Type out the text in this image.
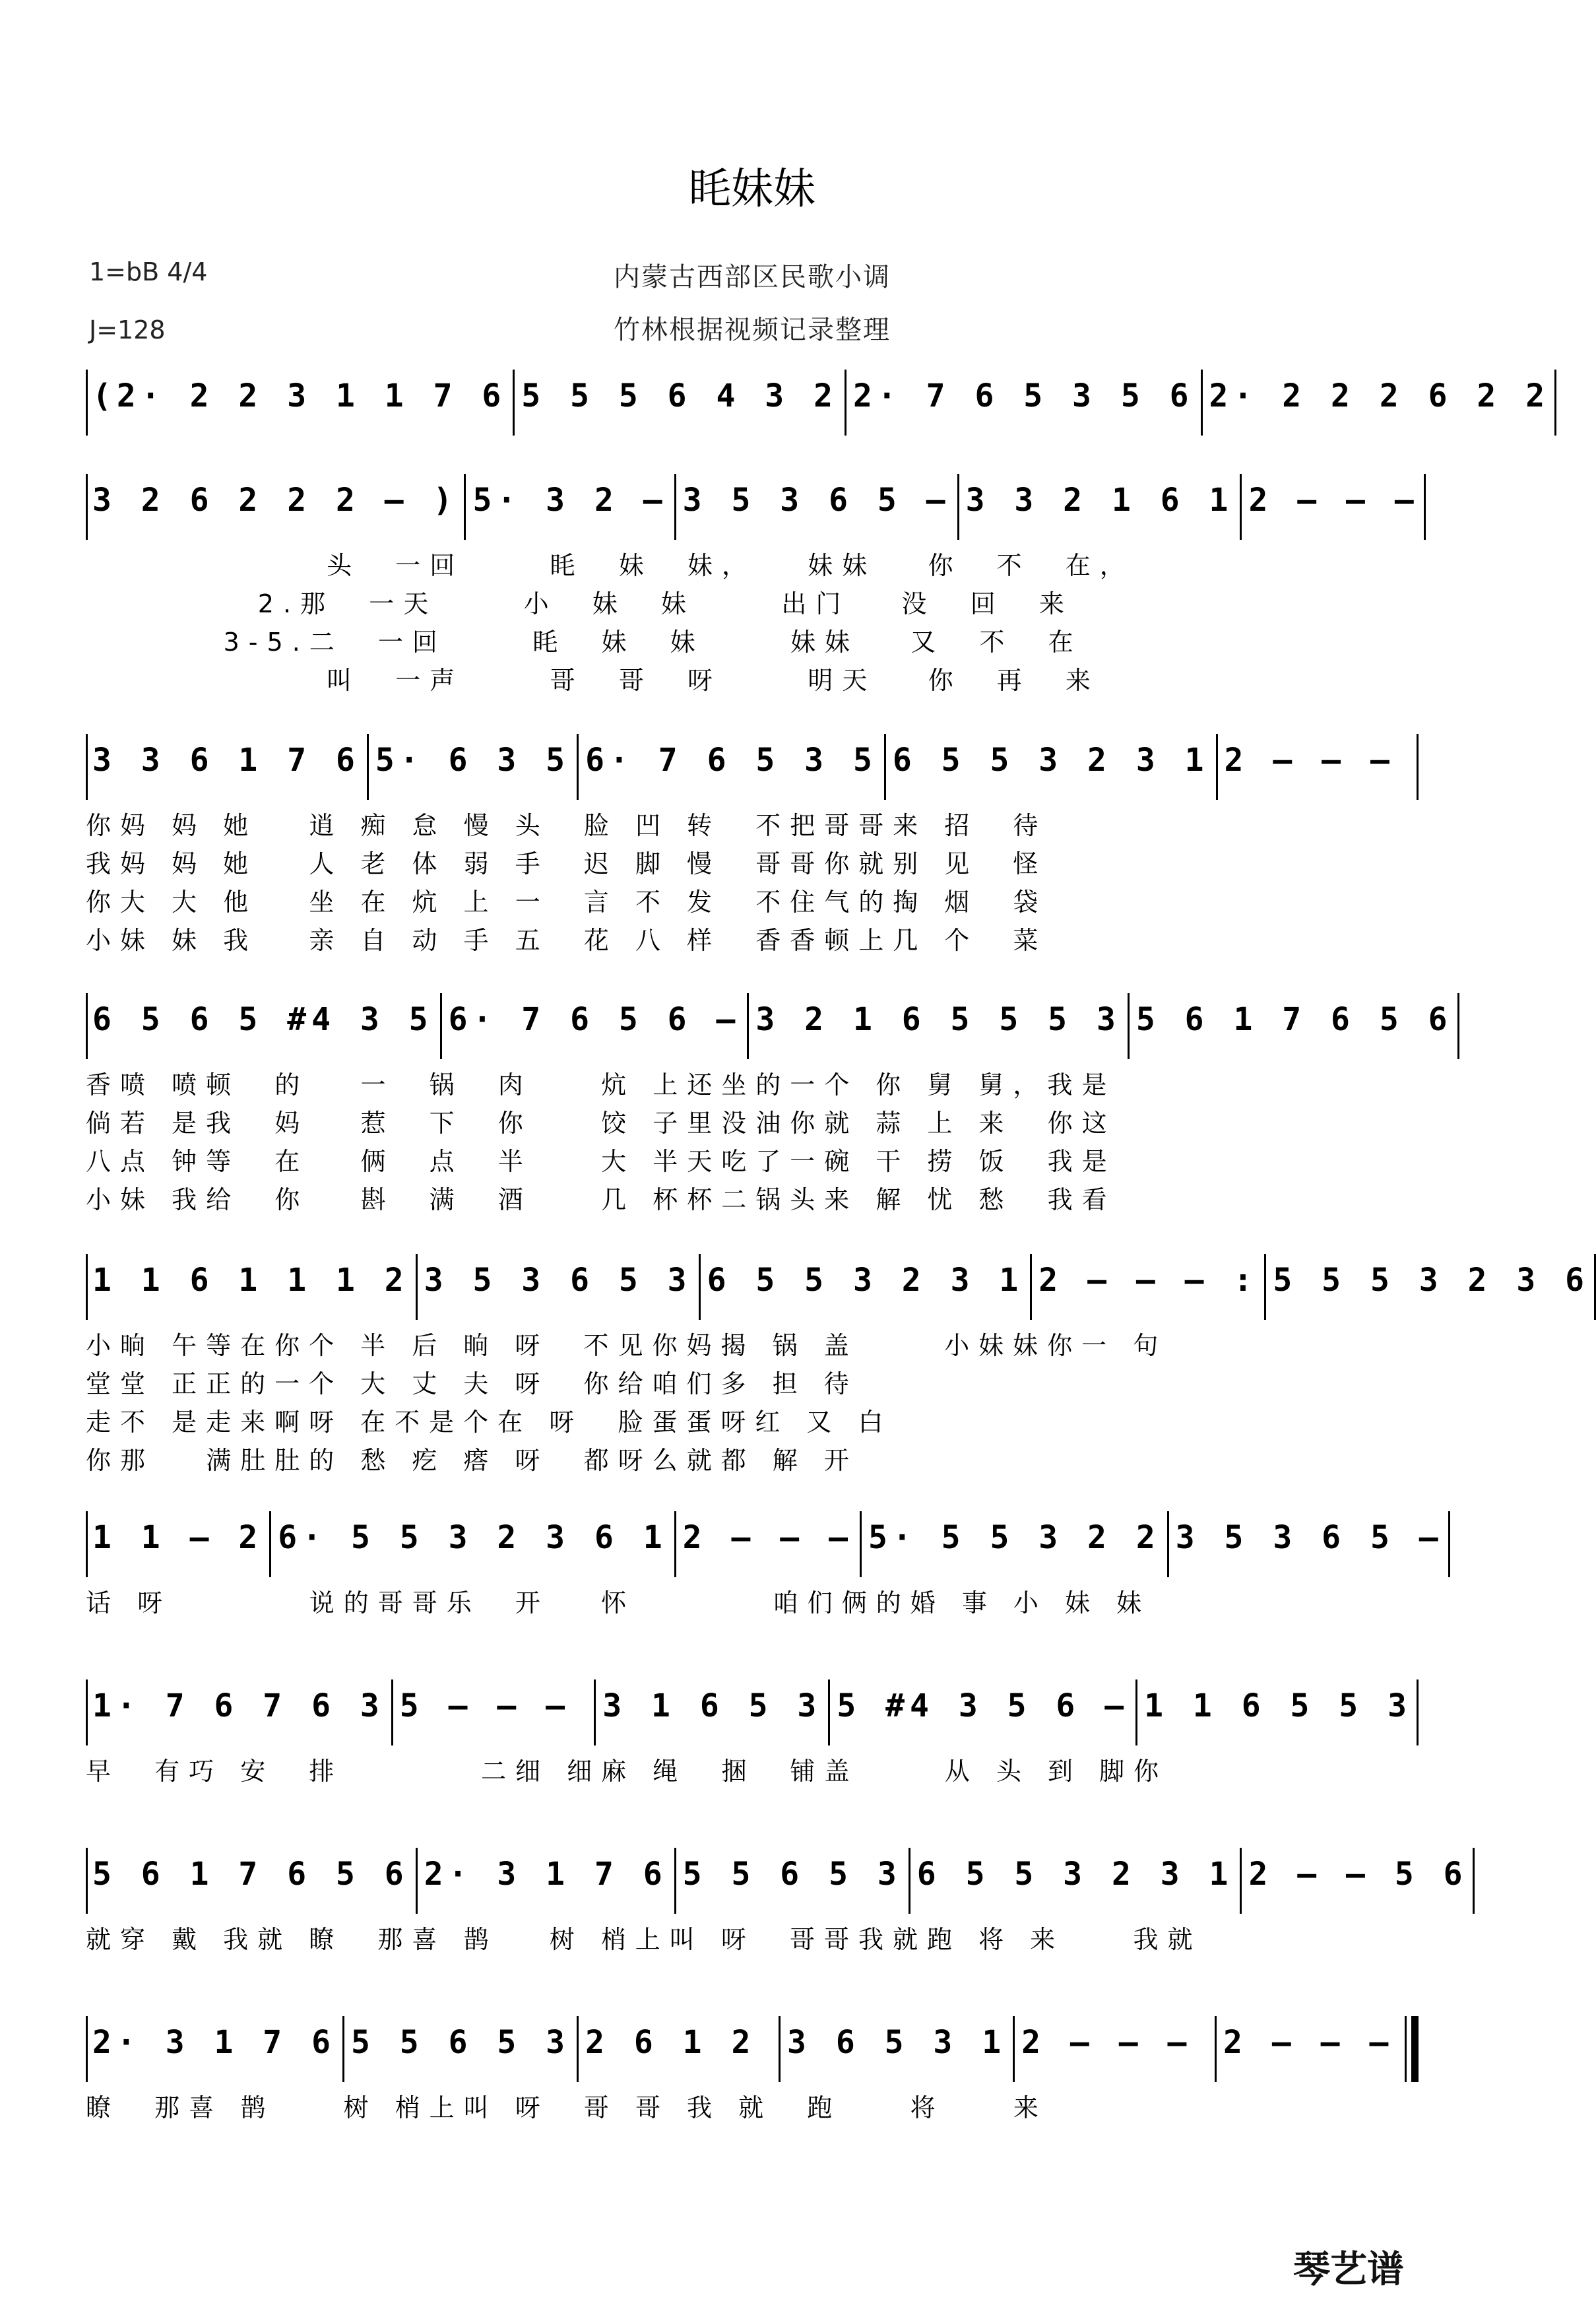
眊妹妹
1=bB 4/4
J=128
内蒙古西部区民歌小调
竹林根据视频记录整理
(2· 2 2 3 1 1 7 6 5 5 5 6 4 3 2 2· 7 6 5 3 5 6 2· 2 2 2 6 2 2
3 2 6 2 2 2 – ) 5· 3 2 – 3 5 3 6 5 – 3 3 2 1 6 1 2 – – –
头  一回     眊  妹  妹，   妹妹   你  不  在，
2.那  一天     小  妹  妹     出门   没  回  来
3-5.二  一回     眊  妹  妹     妹妹   又  不  在
叫  一声     哥  哥  呀     明天   你  再  来
3 3 6 1 7 6 5· 6 3 5 6· 7 6 5 3 5 6 5 5 3 2 3 1 2 – – –
你妈 妈 她   逍 痴 怠 慢 头  脸 凹 转  不把哥哥来 招  待
我妈 妈 她   人 老 体 弱 手  迟 脚 慢  哥哥你就别 见  怪
你大 大 他   坐 在 炕 上 一  言 不 发  不住气的掏 烟  袋
小妹 妹 我   亲 自 动 手 五  花 八 样  香香顿上几 个  菜
6 5 6 5 #4 3 5 6· 7 6 5 6 – 3 2 1 6 5 5 5 3 5 6 1 7 6 5 6
香喷 喷顿  的   一  锅  肉    炕 上还坐的一个 你 舅 舅，我是
倘若 是我  妈   惹  下  你    饺 子里没油你就 蒜 上 来  你这
八点 钟等  在   俩  点  半    大 半天吃了一碗 干 捞 饭  我是
小妹 我给  你   斟  满  酒    几 杯杯二锅头来 解 忧 愁  我看
1 1 6 1 1 1 2 3 5 3 6 5 3 6 5 5 3 2 3 1 2 – – – : 5 5 5 3 2 3 6
小晌 午等在你个 半 后 晌 呀  不见你妈揭 锅 盖     小妹妹你一 句
堂堂 正正的一个 大 丈 夫 呀  你给咱们多 担 待
走不 是走来啊呀 在不是个在 呀  脸蛋蛋呀红 又 白
你那   满肚肚的 愁 疙 瘩 呀  都呀么就都 解 开
1 1 – 2 6· 5 5 3 2 3 6 1 2 – – – 5· 5 5 3 2 2 3 5 3 6 5 –
话 呀        说的哥哥乐  开   怀        咱们俩的婚 事 小 妹 妹
1· 7 6 7 6 3 5 – – – 3 1 6 5 3 5 #4 3 5 6 – 1 1 6 5 5 3
早  有巧 安  排        二细 细麻 绳  捆  铺盖     从 头 到 脚你
5 6 1 7 6 5 6 2· 3 1 7 6 5 5 6 5 3 6 5 5 3 2 3 1 2 – – 5 6
就穿 戴 我就 瞭  那喜 鹊   树 梢上叫 呀  哥哥我就跑 将 来    我就
2· 3 1 7 6 5 5 6 5 3 2 6 1 2 3 6 5 3 1 2 – – – 2 – – –
瞭  那喜 鹊    树 梢上叫 呀  哥 哥 我 就  跑    将    来
琴艺谱
